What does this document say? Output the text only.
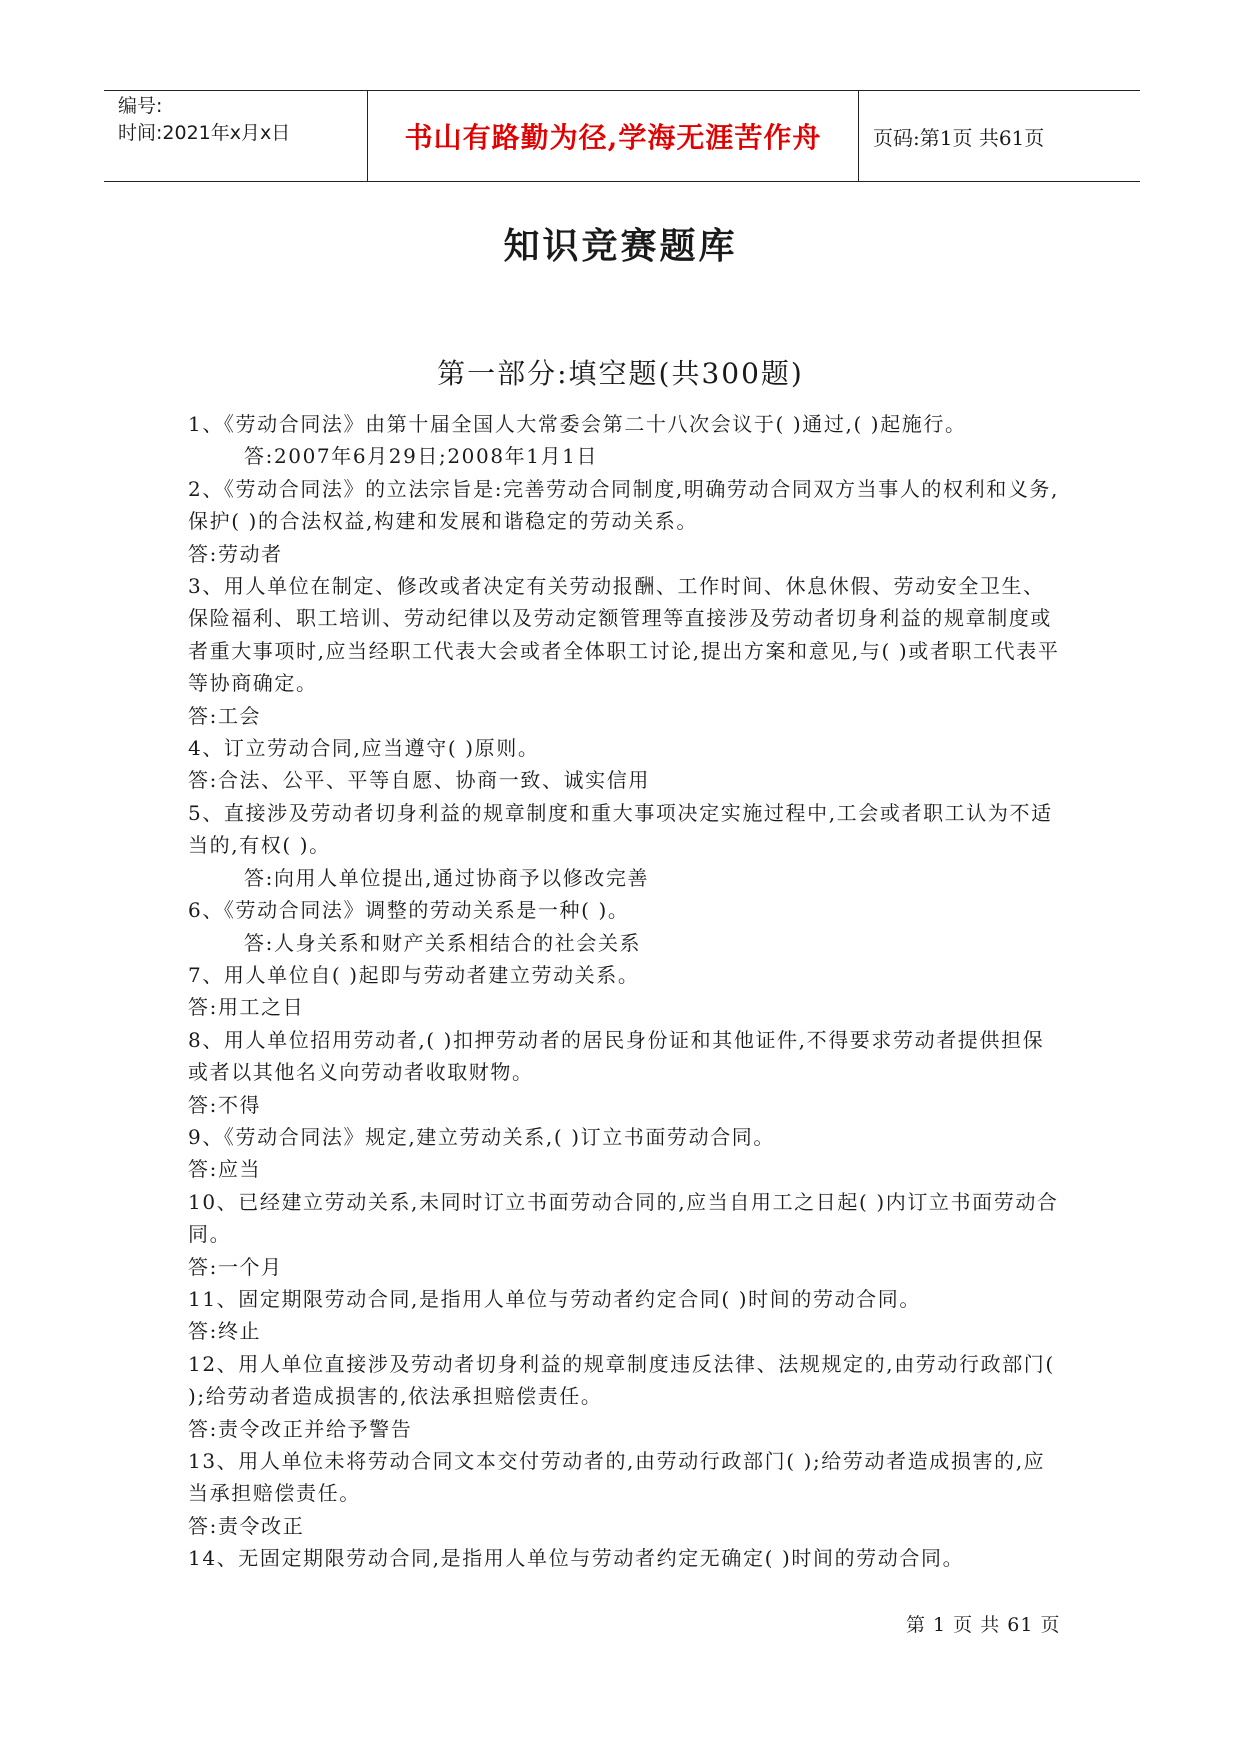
编号:
时间:2021年x月x日	书山有路勤为径,学海无涯苦作舟	页码:第1页 共61页
知识竞赛题库
第一部分:填空题(共300题)

1、《劳动合同法》由第十届全国人大常委会第二十八次会议于( )通过,( )起施行。

答:2007年6月29日;2008年1月1日

2、《劳动合同法》的立法宗旨是:完善劳动合同制度,明确劳动合同双方当事人的权利和义务,保护( )的合法权益,构建和发展和谐稳定的劳动关系。

答:劳动者

3、用人单位在制定、修改或者决定有关劳动报酬、工作时间、休息休假、劳动安全卫生、保险福利、职工培训、劳动纪律以及劳动定额管理等直接涉及劳动者切身利益的规章制度或者重大事项时,应当经职工代表大会或者全体职工讨论,提出方案和意见,与( )或者职工代表平等协商确定。

答:工会

4、订立劳动合同,应当遵守( )原则。

答:合法、公平、平等自愿、协商一致、诚实信用

5、直接涉及劳动者切身利益的规章制度和重大事项决定实施过程中,工会或者职工认为不适当的,有权( )。

答:向用人单位提出,通过协商予以修改完善

6、《劳动合同法》调整的劳动关系是一种( )。

答:人身关系和财产关系相结合的社会关系

7、用人单位自( )起即与劳动者建立劳动关系。

答:用工之日

8、用人单位招用劳动者,( )扣押劳动者的居民身份证和其他证件,不得要求劳动者提供担保或者以其他名义向劳动者收取财物。

答:不得

9、《劳动合同法》规定,建立劳动关系,( )订立书面劳动合同。

答:应当

10、已经建立劳动关系,未同时订立书面劳动合同的,应当自用工之日起( )内订立书面劳动合同。

答:一个月

11、固定期限劳动合同,是指用人单位与劳动者约定合同( )时间的劳动合同。

答:终止

12、用人单位直接涉及劳动者切身利益的规章制度违反法律、法规规定的,由劳动行政部门( );给劳动者造成损害的,依法承担赔偿责任。

答:责令改正并给予警告

13、用人单位未将劳动合同文本交付劳动者的,由劳动行政部门( );给劳动者造成损害的,应当承担赔偿责任。

答:责令改正

14、无固定期限劳动合同,是指用人单位与劳动者约定无确定( )时间的劳动合同。

第 1 页 共 61 页
